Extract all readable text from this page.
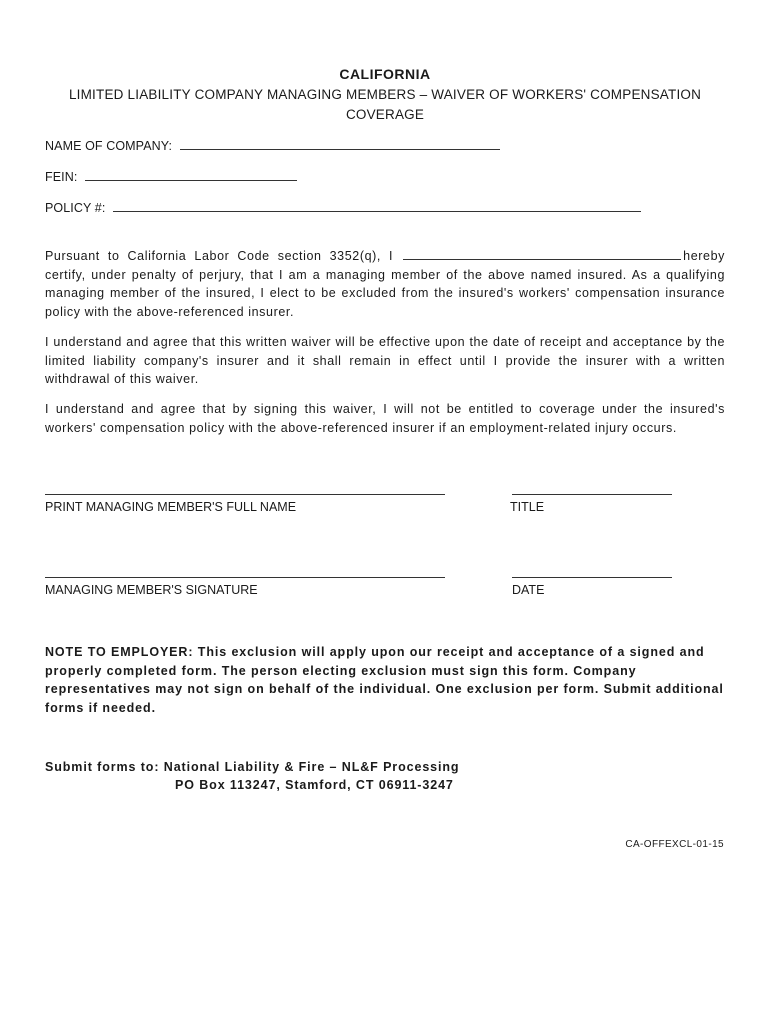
CALIFORNIA
LIMITED LIABILITY COMPANY MANAGING MEMBERS – WAIVER OF WORKERS' COMPENSATION COVERAGE
NAME OF COMPANY:
FEIN:
POLICY #:
Pursuant to California Labor Code section 3352(q), I	hereby certify, under penalty of perjury, that I am a managing member of the above named insured. As a qualifying managing member of the insured, I elect to be excluded from the insured's workers' compensation insurance policy with the above-referenced insurer.
I understand and agree that this written waiver will be effective upon the date of receipt and acceptance by the limited liability company's insurer and it shall remain in effect until I provide the insurer with a written withdrawal of this waiver.
I understand and agree that by signing this waiver, I will not be entitled to coverage under the insured's workers' compensation policy with the above-referenced insurer if an employment-related injury occurs.
PRINT MANAGING MEMBER'S FULL NAME	TITLE
MANAGING MEMBER'S SIGNATURE	DATE
NOTE TO EMPLOYER: This exclusion will apply upon our receipt and acceptance of a signed and properly completed form. The person electing exclusion must sign this form. Company representatives may not sign on behalf of the individual. One exclusion per form. Submit additional forms if needed.
Submit forms to: National Liability & Fire – NL&F Processing
PO Box 113247, Stamford, CT 06911-3247
CA-OFFEXCL-01-15
